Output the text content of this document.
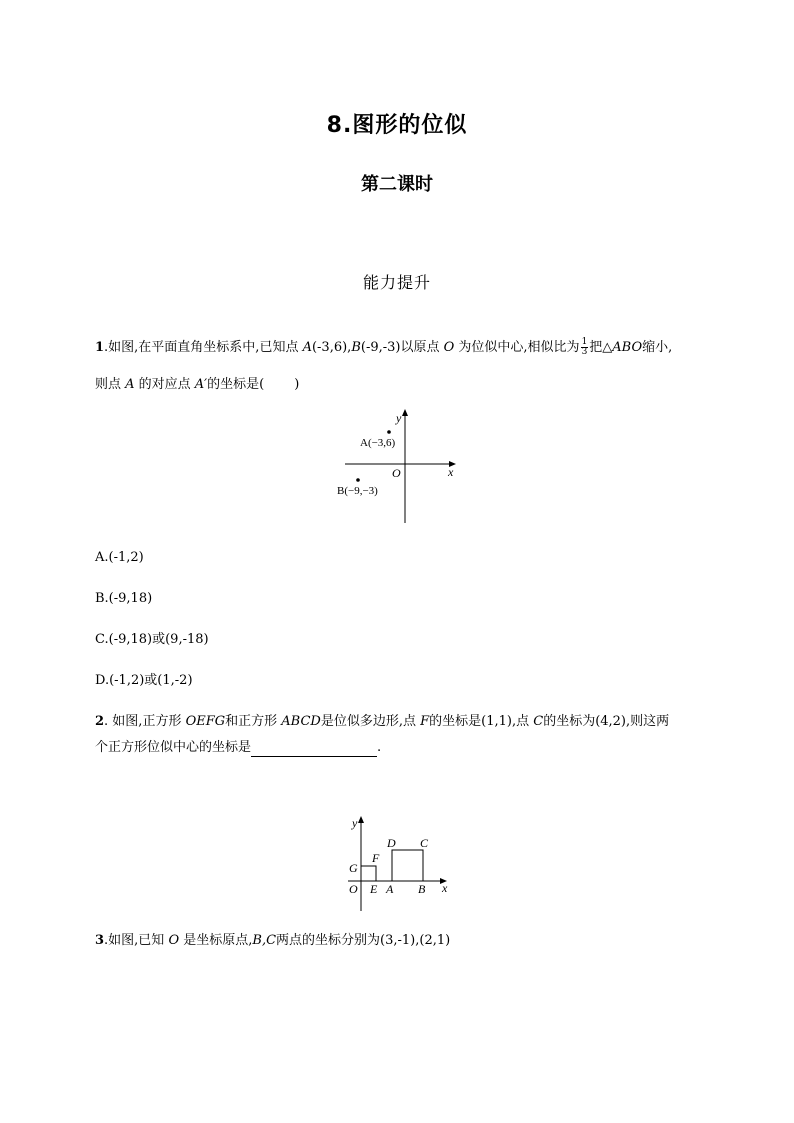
8.图形的位似
第二课时
能力提升
1.如图,在平面直角坐标系中,已知点 A(-3,6),B(-9,-3)以原点 O 为位似中心,相似比为 $\frac{1}{3}$ 把△ABO缩小,
则点 A 的对应点 A′的坐标是( )
y
x
O
A(−3,6)
B(−9,−3)
A.(-1,2)
B.(-9,18)
C.(-9,18)或(9,-18)
D.(-1,2)或(1,-2)
2. 如图,正方形 OEFG和正方形 ABCD是位似多边形,点 F的坐标是(1,1),点 C的坐标为(4,2),则这两
个正方形位似中心的坐标是	.
y
x
O E A B
G
F
D C
3.如图,已知 O 是坐标原点,B,C两点的坐标分别为(3,-1),(2,1)
